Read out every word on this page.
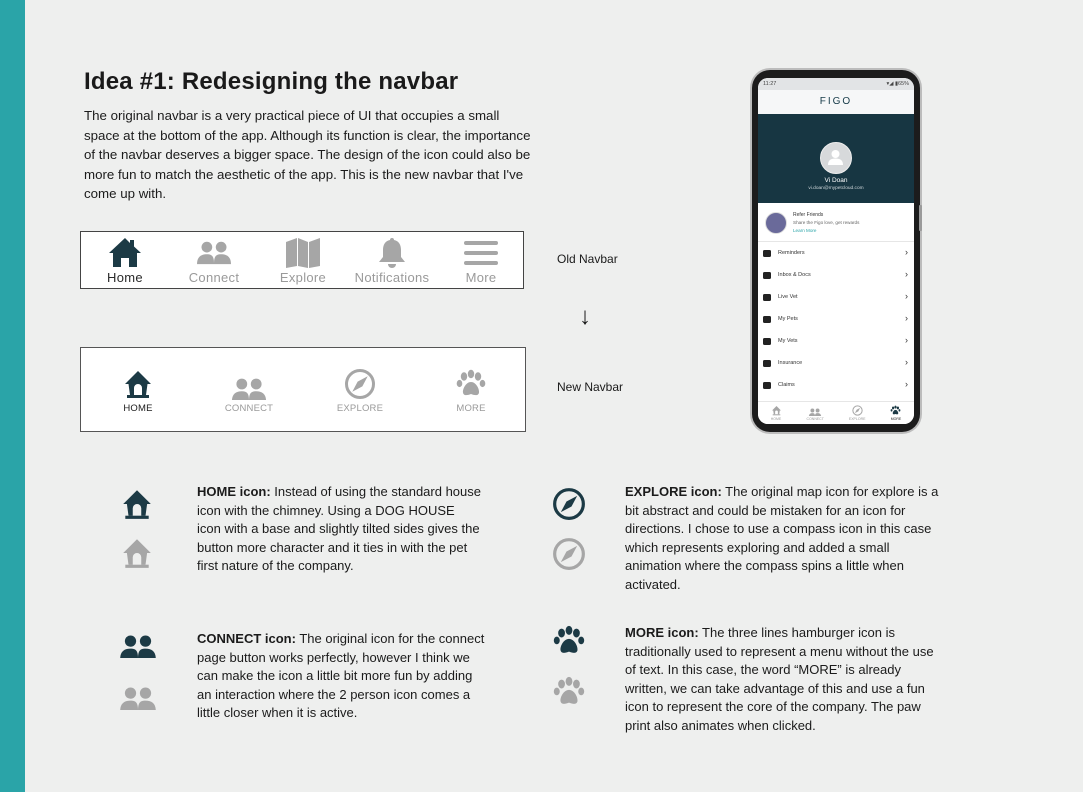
Idea #1: Redesigning the navbar

The original navbar is a very practical piece of UI that occupies a small space at the bottom of the app. Although its function is clear, the importance of the navbar deserves a bigger space. The design of the icon could also be more fun to match the aesthetic of the app. This is the new navbar that I've come up with.

Home	Connect	Explore	Notifications	More
Old Navbar
↓
New Navbar
HOME	CONNECT	EXPLORE	MORE
11:27	▾◢ ▮65%
FIGO
Vi Doan
vi.doan@mypetcloud.com
Refer Friends
Share the Figo love, get rewards
Learn More
Reminders	›
Inbox & Docs	›
Live Vet	›
My Pets	›
My Vets	›
Insurance	›
Claims	›
HOME	CONNECT	EXPLORE	MORE

HOME icon: Instead of using the standard house icon with the chimney. Using a DOG HOUSE icon with a base and slightly tilted sides gives the button more character and it ties in with the pet first nature of the company.

CONNECT icon: The original icon for the connect page button works perfectly, however I think we can make the icon a little bit more fun by adding an interaction where the 2 person icon comes a little closer when it is active.

EXPLORE icon: The original map icon for explore is a bit abstract and could be mistaken for an icon for directions. I chose to use a compass icon in this case which represents exploring and added a small animation where the compass spins a little when activated.

MORE icon: The three lines hamburger icon is traditionally used to represent a menu without the use of text. In this case, the word “MORE” is already written, we can take advantage of this and use a fun icon to represent the core of the company. The paw print also animates when clicked.
